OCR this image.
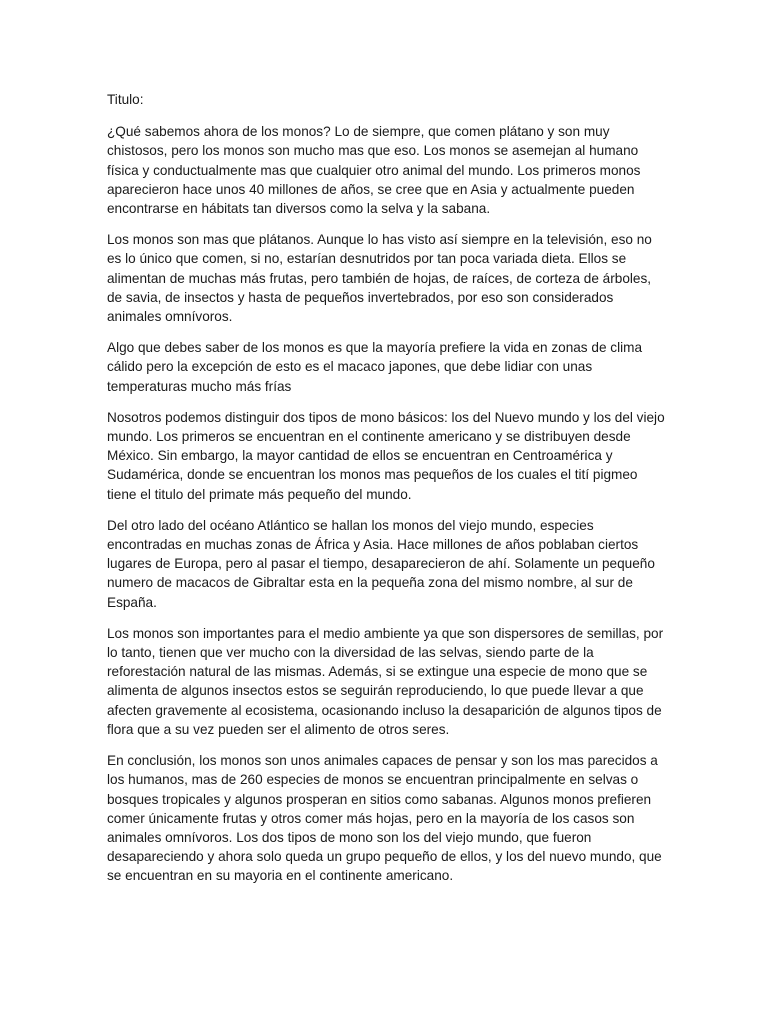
Titulo:

¿Qué sabemos ahora de los monos? Lo de siempre, que comen plátano y son muy chistosos, pero los monos son mucho mas que eso. Los monos se asemejan al humano física y conductualmente mas que cualquier otro animal del mundo. Los primeros monos aparecieron hace unos 40 millones de años, se cree que en Asia y actualmente pueden encontrarse en hábitats tan diversos como la selva y la sabana.

Los monos son mas que plátanos. Aunque lo has visto así siempre en la televisión, eso no es lo único que comen, si no, estarían desnutridos por tan poca variada dieta. Ellos se alimentan de muchas más frutas, pero también de hojas, de raíces, de corteza de árboles, de savia, de insectos y hasta de pequeños invertebrados, por eso son considerados animales omnívoros.

Algo que debes saber de los monos es que la mayoría prefiere la vida en zonas de clima cálido pero la excepción de esto es el macaco japones, que debe lidiar con unas temperaturas mucho más frías

Nosotros podemos distinguir dos tipos de mono básicos: los del Nuevo mundo y los del viejo mundo. Los primeros se encuentran en el continente americano y se distribuyen desde México. Sin embargo, la mayor cantidad de ellos se encuentran en Centroamérica y Sudamérica, donde se encuentran los monos mas pequeños de los cuales el tití pigmeo tiene el titulo del primate más pequeño del mundo.

Del otro lado del océano Atlántico se hallan los monos del viejo mundo, especies encontradas en muchas zonas de África y Asia. Hace millones de años poblaban ciertos lugares de Europa, pero al pasar el tiempo, desaparecieron de ahí. Solamente un pequeño numero de macacos de Gibraltar esta en la pequeña zona del mismo nombre, al sur de España.

Los monos son importantes para el medio ambiente ya que son dispersores de semillas, por lo tanto, tienen que ver mucho con la diversidad de las selvas, siendo parte de la reforestación natural de las mismas. Además, si se extingue una especie de mono que se alimenta de algunos insectos estos se seguirán reproduciendo, lo que puede llevar a que afecten gravemente al ecosistema, ocasionando incluso la desaparición de algunos tipos de flora que a su vez pueden ser el alimento de otros seres.

En conclusión, los monos son unos animales capaces de pensar y son los mas parecidos a los humanos, mas de 260 especies de monos se encuentran principalmente en selvas o bosques tropicales y algunos prosperan en sitios como sabanas. Algunos monos prefieren comer únicamente frutas y otros comer más hojas, pero en la mayoría de los casos son animales omnívoros. Los dos tipos de mono son los del viejo mundo, que fueron desapareciendo y ahora solo queda un grupo pequeño de ellos, y los del nuevo mundo, que se encuentran en su mayoria en el continente americano.
